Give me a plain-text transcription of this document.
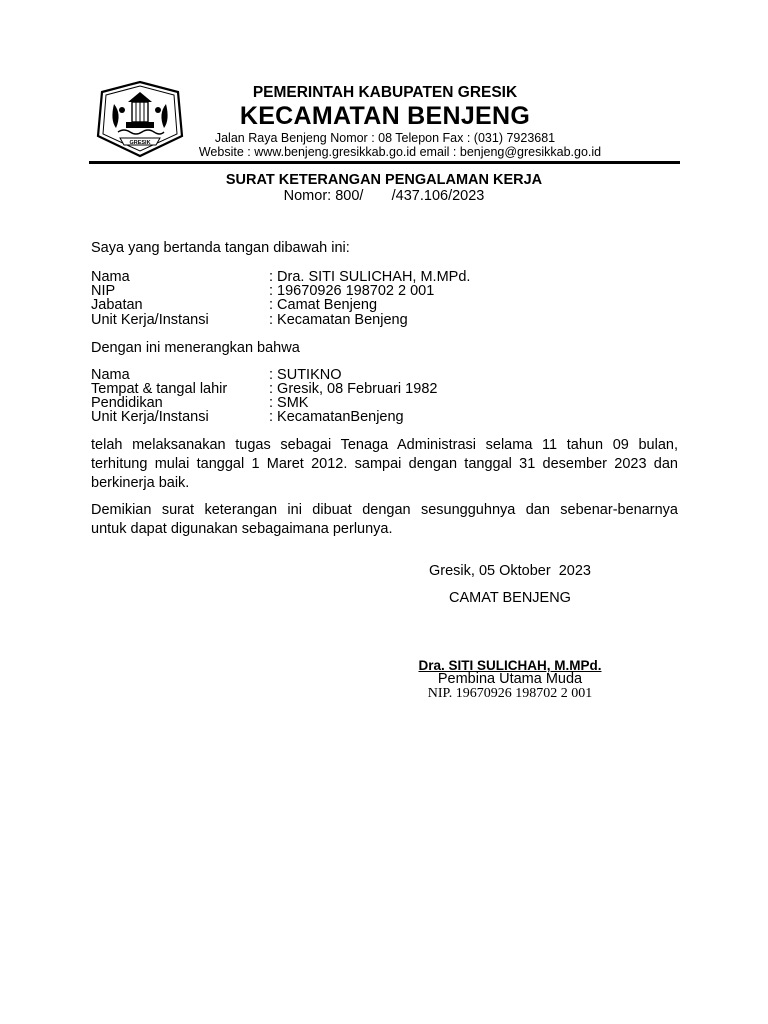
GRESIK
PEMERINTAH KABUPATEN GRESIK
KECAMATAN BENJENG
Jalan Raya Benjeng Nomor : 08 Telepon Fax : (031) 7923681
Website : www.benjeng.gresikkab.go.id email : benjeng@gresikkab.go.id
SURAT KETERANGAN PENGALAMAN KERJA
Nomor: 800/       /437.106/2023
Saya yang bertanda tangan dibawah ini:
Nama	: Dra. SITI SULICHAH, M.MPd.
NIP	: 19670926 198702 2 001
Jabatan	: Camat Benjeng
Unit Kerja/Instansi	: Kecamatan Benjeng
Dengan ini menerangkan bahwa
Nama	: SUTIKNO
Tempat & tangal lahir	: Gresik, 08 Februari 1982
Pendidikan	: SMK
Unit Kerja/Instansi	: KecamatanBenjeng
telah melaksanakan tugas sebagai Tenaga Administrasi selama 11 tahun 09 bulan,
terhitung mulai tanggal 1 Maret 2012. sampai dengan tanggal 31 desember 2023 dan
berkinerja baik.
Demikian surat keterangan ini dibuat dengan sesungguhnya dan sebenar-benarnya
untuk dapat digunakan sebagaimana perlunya.
Gresik, 05 Oktober  2023
CAMAT BENJENG
Dra. SITI SULICHAH, M.MPd.
Pembina Utama Muda
NIP. 19670926 198702 2 001
